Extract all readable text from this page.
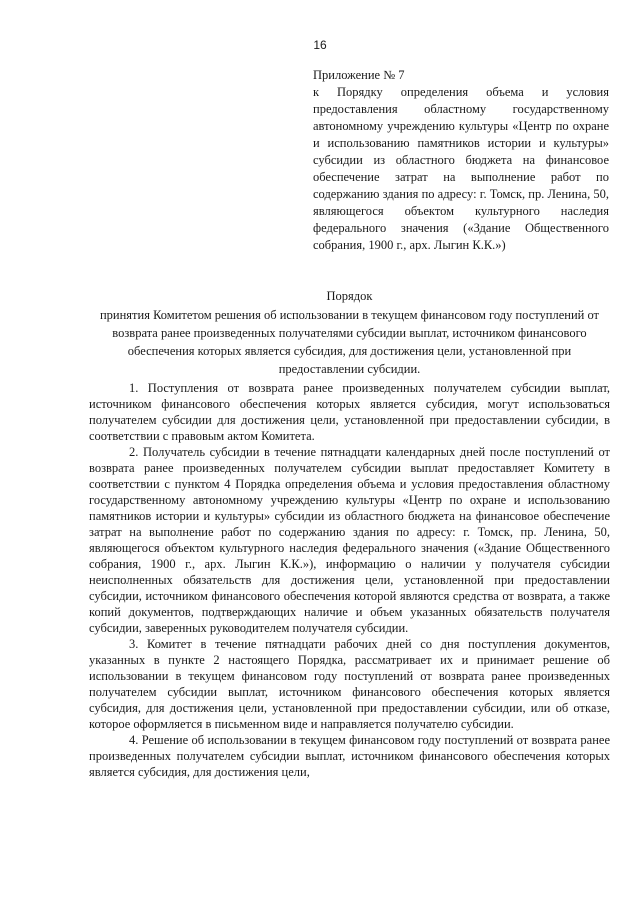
16
Приложение № 7
к Порядку определения объема и условия предоставления областному государственному автономному учреждению культуры «Центр по охране и использованию памятников истории и культуры» субсидии из областного бюджета на финансовое обеспечение затрат на выполнение работ по содержанию здания по адресу: г. Томск, пр. Ленина, 50, являющегося объектом культурного наследия федерального значения («Здание Общественного собрания, 1900 г., арх. Лыгин К.К.»)
Порядок
принятия Комитетом решения об использовании в текущем финансовом году поступлений от возврата ранее произведенных получателями субсидии выплат, источником финансового обеспечения которых является субсидия, для достижения цели, установленной при предоставлении субсидии.

1. Поступления от возврата ранее произведенных получателем субсидии выплат, источником финансового обеспечения которых является субсидия, могут использоваться получателем субсидии для достижения цели, установленной при предоставлении субсидии, в соответствии с правовым актом Комитета.

2. Получатель субсидии в течение пятнадцати календарных дней после поступлений от возврата ранее произведенных получателем субсидии выплат предоставляет Комитету в соответствии с пунктом 4 Порядка определения объема и условия предоставления областному государственному автономному учреждению культуры «Центр по охране и использованию памятников истории и культуры» субсидии из областного бюджета на финансовое обеспечение затрат на выполнение работ по содержанию здания по адресу: г. Томск, пр. Ленина, 50, являющегося объектом культурного наследия федерального значения («Здание Общественного собрания, 1900 г., арх. Лыгин К.К.»), информацию о наличии у получателя субсидии неисполненных обязательств для достижения цели, установленной при предоставлении субсидии, источником финансового обеспечения которой являются средства от возврата, а также копий документов, подтверждающих наличие и объем указанных обязательств получателя субсидии, заверенных руководителем получателя субсидии.

3. Комитет в течение пятнадцати рабочих дней со дня поступления документов, указанных в пункте 2 настоящего Порядка, рассматривает их и принимает решение об использовании в текущем финансовом году поступлений от возврата ранее произведенных получателем субсидии выплат, источником финансового обеспечения которых является субсидия, для достижения цели, установленной при предоставлении субсидии, или об отказе, которое оформляется в письменном виде и направляется получателю субсидии.

4. Решение об использовании в текущем финансовом году поступлений от возврата ранее произведенных получателем субсидии выплат, источником финансового обеспечения которых является субсидия, для достижения цели,
